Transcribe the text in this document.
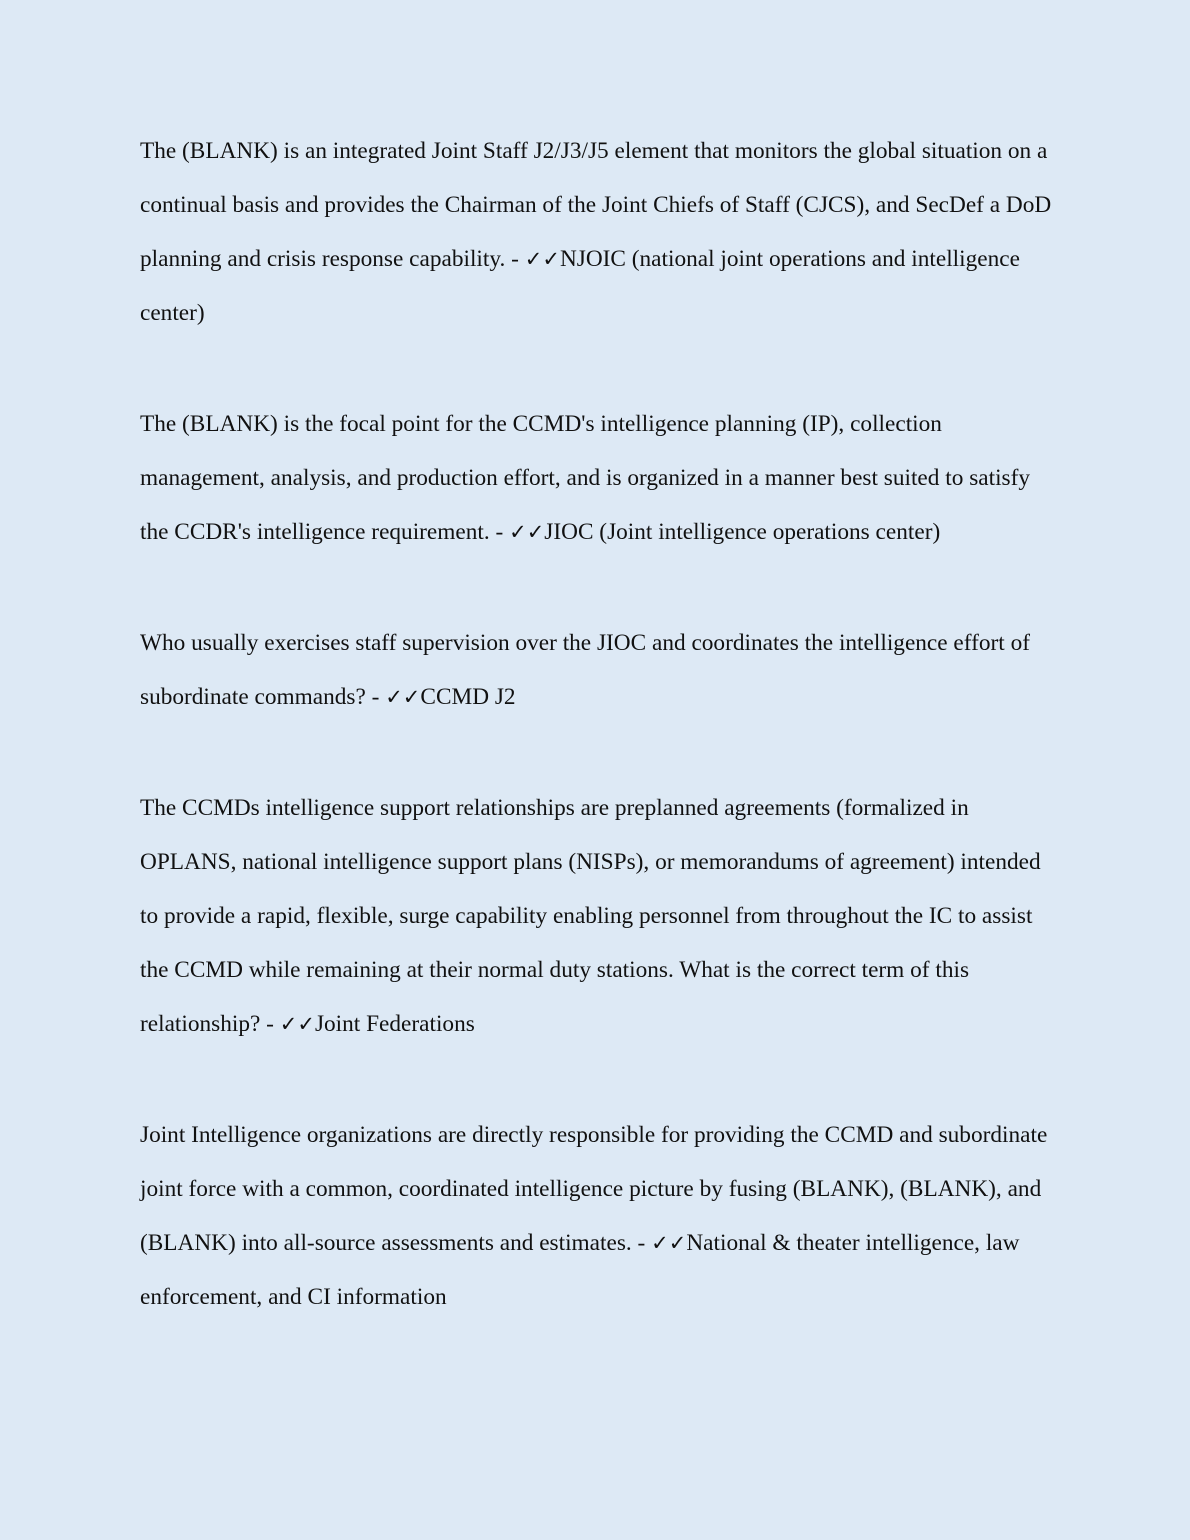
The (BLANK) is an integrated Joint Staff J2/J3/J5 element that monitors the global situation on a continual basis and provides the Chairman of the Joint Chiefs of Staff (CJCS), and SecDef a DoD planning and crisis response capability. - ✓✓NJOIC (national joint operations and intelligence center)

The (BLANK) is the focal point for the CCMD's intelligence planning (IP), collection management, analysis, and production effort, and is organized in a manner best suited to satisfy the CCDR's intelligence requirement. - ✓✓JIOC (Joint intelligence operations center)

Who usually exercises staff supervision over the JIOC and coordinates the intelligence effort of subordinate commands? - ✓✓CCMD J2

The CCMDs intelligence support relationships are preplanned agreements (formalized in OPLANS, national intelligence support plans (NISPs), or memorandums of agreement) intended to provide a rapid, flexible, surge capability enabling personnel from throughout the IC to assist the CCMD while remaining at their normal duty stations. What is the correct term of this relationship? - ✓✓Joint Federations

Joint Intelligence organizations are directly responsible for providing the CCMD and subordinate joint force with a common, coordinated intelligence picture by fusing (BLANK), (BLANK), and (BLANK) into all-source assessments and estimates. - ✓✓National & theater intelligence, law enforcement, and CI information
